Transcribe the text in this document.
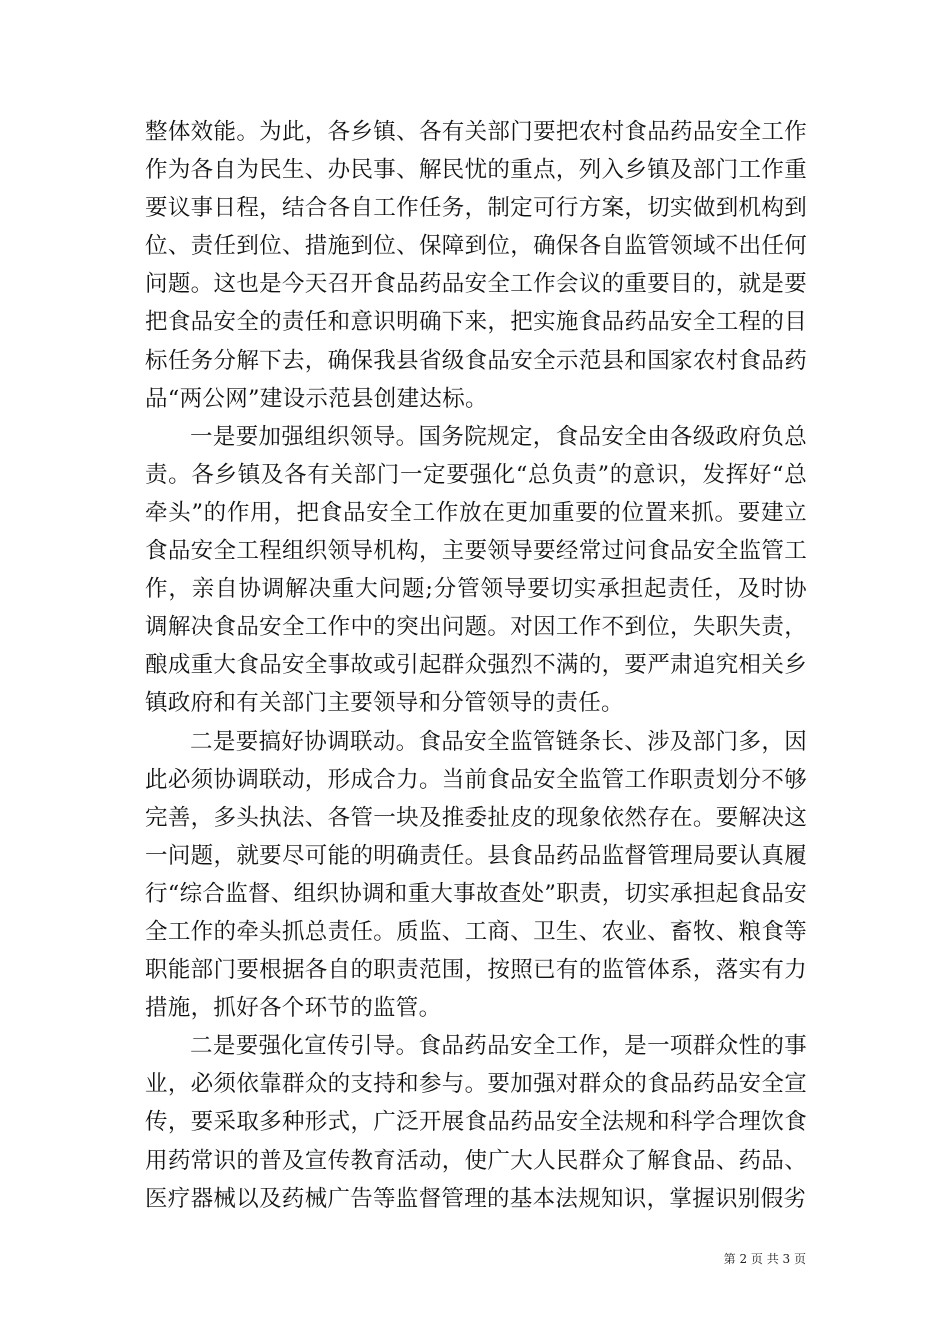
整体效能。为此，各乡镇、各有关部门要把农村食品药品安全工作作为各自为民生、办民事、解民忧的重点，列入乡镇及部门工作重要议事日程，结合各自工作任务，制定可行方案，切实做到机构到位、责任到位、措施到位、保障到位，确保各自监管领域不出任何问题。这也是今天召开食品药品安全工作会议的重要目的，就是要把食品安全的责任和意识明确下来，把实施食品药品安全工程的目标任务分解下去，确保我县省级食品安全示范县和国家农村食品药品“两公网”建设示范县创建达标。

一是要加强组织领导。国务院规定，食品安全由各级政府负总责。各乡镇及各有关部门一定要强化“总负责”的意识，发挥好“总牵头”的作用，把食品安全工作放在更加重要的位置来抓。要建立食品安全工程组织领导机构，主要领导要经常过问食品安全监管工作，亲自协调解决重大问题;分管领导要切实承担起责任，及时协调解决食品安全工作中的突出问题。对因工作不到位，失职失责，酿成重大食品安全事故或引起群众强烈不满的，要严肃追究相关乡镇政府和有关部门主要领导和分管领导的责任。

二是要搞好协调联动。食品安全监管链条长、涉及部门多，因此必须协调联动，形成合力。当前食品安全监管工作职责划分不够完善，多头执法、各管一块及推委扯皮的现象依然存在。要解决这一问题，就要尽可能的明确责任。县食品药品监督管理局要认真履行“综合监督、组织协调和重大事故查处”职责，切实承担起食品安全工作的牵头抓总责任。质监、工商、卫生、农业、畜牧、粮食等职能部门要根据各自的职责范围，按照已有的监管体系，落实有力措施，抓好各个环节的监管。

二是要强化宣传引导。食品药品安全工作，是一项群众性的事业，必须依靠群众的支持和参与。要加强对群众的食品药品安全宣传，要采取多种形式，广泛开展食品药品安全法规和科学合理饮食用药常识的普及宣传教育活动，使广大人民群众了解食品、药品、医疗器械以及药械广告等监督管理的基本法规知识，掌握识别假劣

第 2 页 共 3 页
